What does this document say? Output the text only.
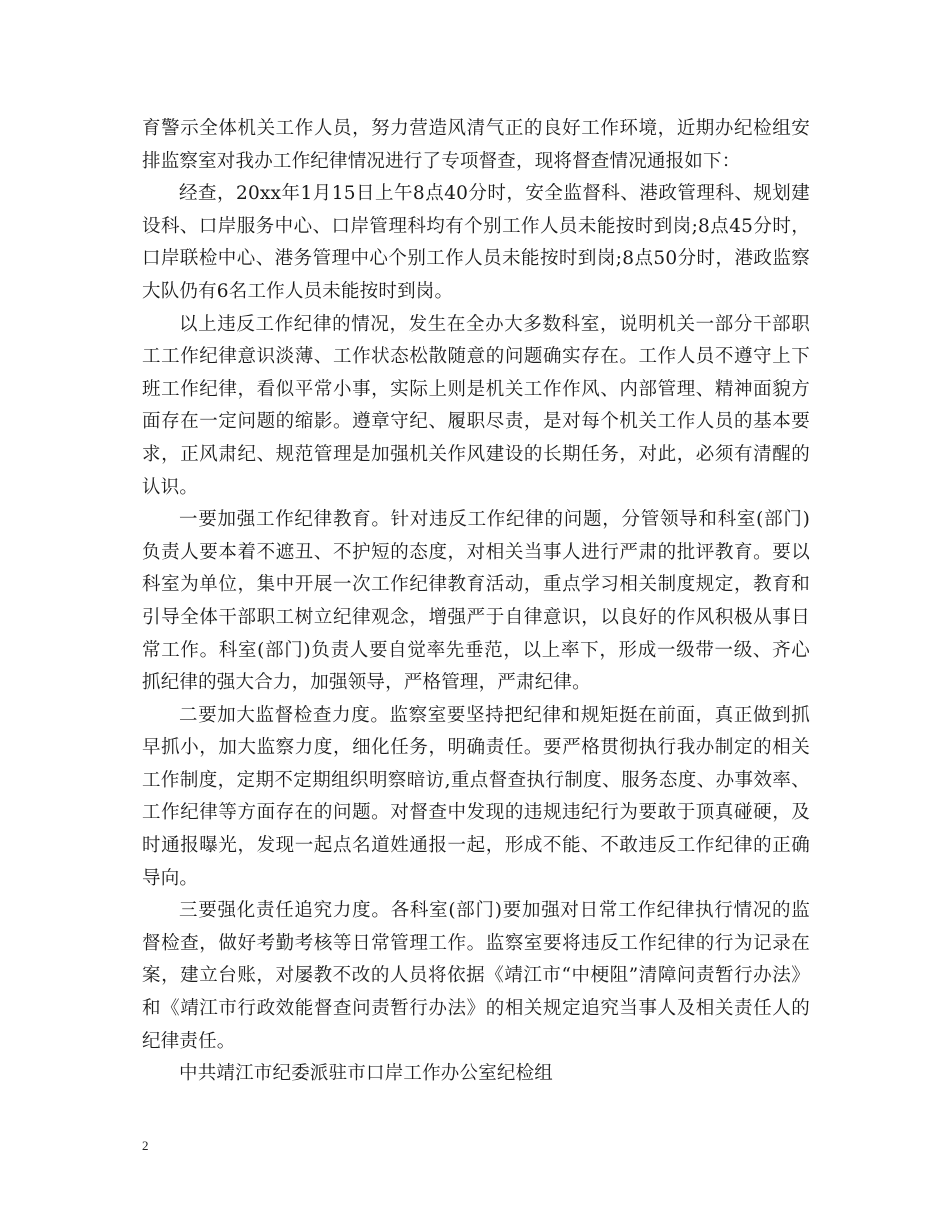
育警示全体机关工作人员，努力营造风清气正的良好工作环境，近期办纪检组安排监察室对我办工作纪律情况进行了专项督查，现将督查情况通报如下：

经查，20xx年1月15日上午8点40分时，安全监督科、港政管理科、规划建设科、口岸服务中心、口岸管理科均有个别工作人员未能按时到岗;8点45分时，口岸联检中心、港务管理中心个别工作人员未能按时到岗;8点50分时，港政监察大队仍有6名工作人员未能按时到岗。

以上违反工作纪律的情况，发生在全办大多数科室，说明机关一部分干部职工工作纪律意识淡薄、工作状态松散随意的问题确实存在。工作人员不遵守上下班工作纪律，看似平常小事，实际上则是机关工作作风、内部管理、精神面貌方面存在一定问题的缩影。遵章守纪、履职尽责，是对每个机关工作人员的基本要求，正风肃纪、规范管理是加强机关作风建设的长期任务，对此，必须有清醒的认识。

一要加强工作纪律教育。针对违反工作纪律的问题，分管领导和科室(部门)负责人要本着不遮丑、不护短的态度，对相关当事人进行严肃的批评教育。要以科室为单位，集中开展一次工作纪律教育活动，重点学习相关制度规定，教育和引导全体干部职工树立纪律观念，增强严于自律意识，以良好的作风积极从事日常工作。科室(部门)负责人要自觉率先垂范，以上率下，形成一级带一级、齐心抓纪律的强大合力，加强领导，严格管理，严肃纪律。

二要加大监督检查力度。监察室要坚持把纪律和规矩挺在前面，真正做到抓早抓小，加大监察力度，细化任务，明确责任。要严格贯彻执行我办制定的相关工作制度，定期不定期组织明察暗访,重点督查执行制度、服务态度、办事效率、工作纪律等方面存在的问题。对督查中发现的违规违纪行为要敢于顶真碰硬，及时通报曝光，发现一起点名道姓通报一起，形成不能、不敢违反工作纪律的正确导向。

三要强化责任追究力度。各科室(部门)要加强对日常工作纪律执行情况的监督检查，做好考勤考核等日常管理工作。监察室要将违反工作纪律的行为记录在案，建立台账，对屡教不改的人员将依据《靖江市“中梗阻”清障问责暂行办法》和《靖江市行政效能督查问责暂行办法》的相关规定追究当事人及相关责任人的纪律责任。

中共靖江市纪委派驻市口岸工作办公室纪检组

2
